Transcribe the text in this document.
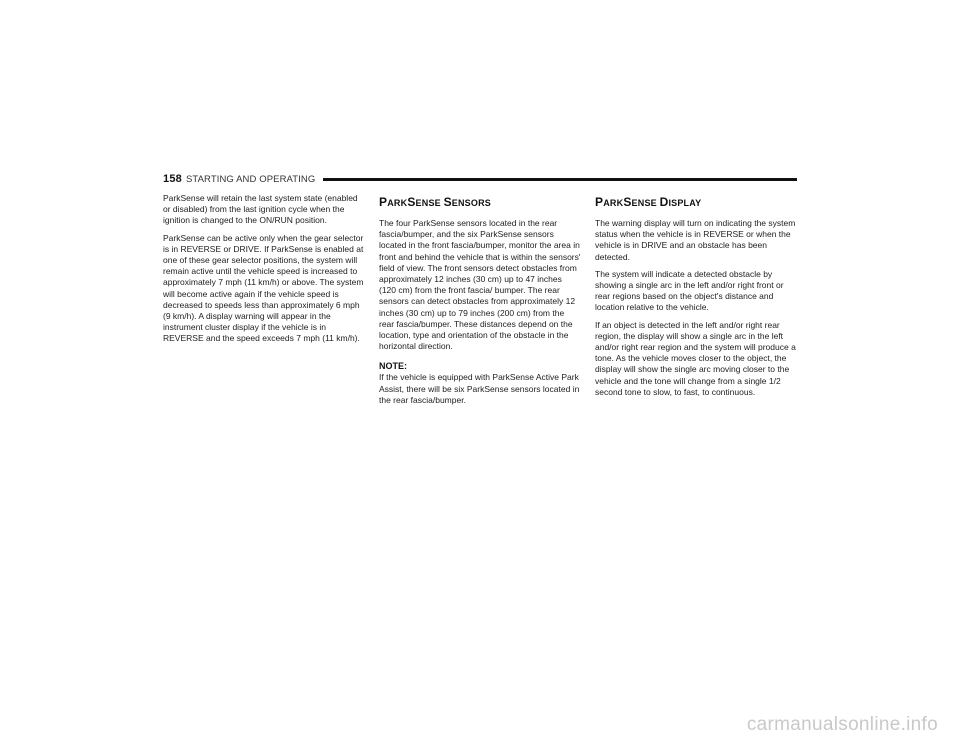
158 STARTING AND OPERATING

ParkSense will retain the last system state (enabled or disabled) from the last ignition cycle when the ignition is changed to the ON/RUN position.

ParkSense can be active only when the gear selector is in REVERSE or DRIVE. If ParkSense is enabled at one of these gear selector positions, the system will remain active until the vehicle speed is increased to approximately 7 mph (11 km/h) or above. The system will become active again if the vehicle speed is decreased to speeds less than approximately 6 mph (9 km/h). A display warning will appear in the instrument cluster display if the vehicle is in REVERSE and the speed exceeds 7 mph (11 km/h).

PARKSENSE SENSORS

The four ParkSense sensors located in the rear fascia/bumper, and the six ParkSense sensors located in the front fascia/bumper, monitor the area in front and behind the vehicle that is within the sensors' field of view. The front sensors detect obstacles from approximately 12 inches (30 cm) up to 47 inches (120 cm) from the front fascia/ bumper. The rear sensors can detect obstacles from approximately 12 inches (30 cm) up to 79 inches (200 cm) from the rear fascia/bumper. These distances depend on the location, type and orientation of the obstacle in the horizontal direction.

NOTE:

If the vehicle is equipped with ParkSense Active Park Assist, there will be six ParkSense sensors located in the rear fascia/bumper.

PARKSENSE DISPLAY

The warning display will turn on indicating the system status when the vehicle is in REVERSE or when the vehicle is in DRIVE and an obstacle has been detected.

The system will indicate a detected obstacle by showing a single arc in the left and/or right front or rear regions based on the object's distance and location relative to the vehicle.

If an object is detected in the left and/or right rear region, the display will show a single arc in the left and/or right rear region and the system will produce a tone. As the vehicle moves closer to the object, the display will show the single arc moving closer to the vehicle and the tone will change from a single 1/2 second tone to slow, to fast, to continuous.

carmanualsonline.info
